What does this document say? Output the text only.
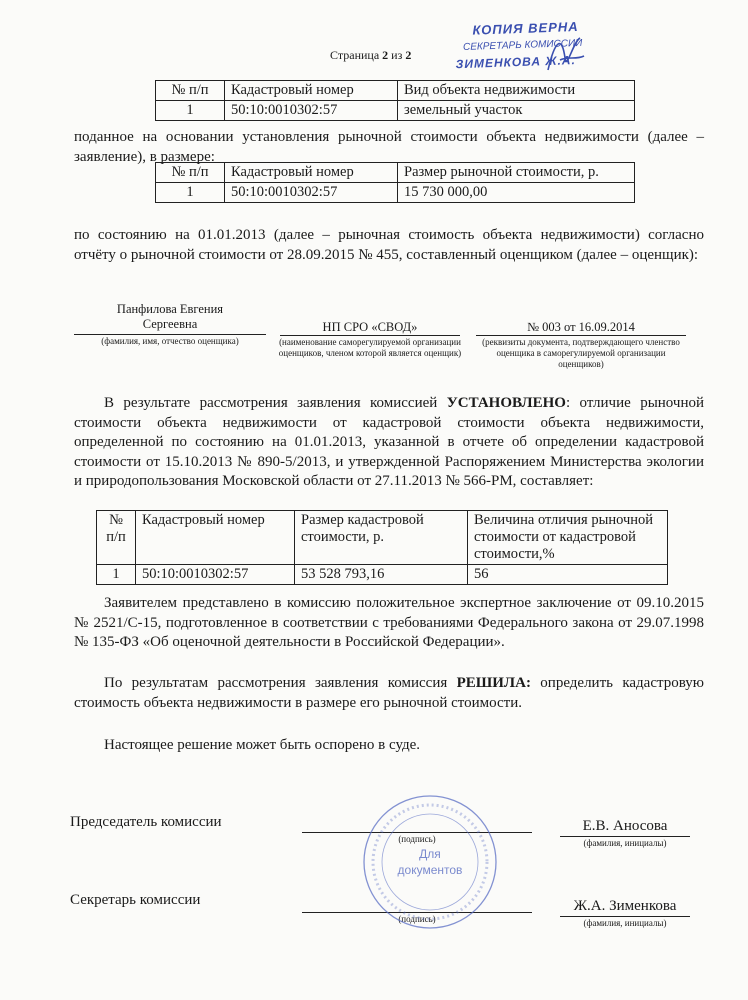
Страница 2 из 2
КОПИЯ ВЕРНА
СЕКРЕТАРЬ КОМИССИИ
ЗИМЕНКОВА Ж.А.
№ п/п	Кадастровый номер	Вид объекта недвижимости
1	50:10:0010302:57	земельный участок
поданное на основании установления рыночной стоимости объекта недвижимости (далее – заявление), в размере:
№ п/п	Кадастровый номер	Размер рыночной стоимости, р.
1	50:10:0010302:57	15 730 000,00
по состоянию на 01.01.2013 (далее – рыночная стоимость объекта недвижимости) согласно отчёту о рыночной стоимости от 28.09.2015 № 455, составленный оценщиком (далее – оценщик):
Панфилова Евгения
Сергеевна
(фамилия, имя, отчество оценщика)
НП СРО «СВОД»
(наименование саморегулируемой организации оценщиков, членом которой является оценщик)
№ 003 от 16.09.2014
(реквизиты документа, подтверждающего членство оценщика в саморегулируемой организации оценщиков)
В результате рассмотрения заявления комиссией УСТАНОВЛЕНО: отличие рыночной стоимости объекта недвижимости от кадастровой стоимости объекта недвижимости, определенной по состоянию на 01.01.2013, указанной в отчете об определении кадастровой стоимости от 15.10.2013 № 890-5/2013, и утвержденной Распоряжением Министерства экологии и природопользования Московской области от 27.11.2013 № 566-РМ, составляет:
№ п/п	Кадастровый номер	Размер кадастровой стоимости, р.	Величина отличия рыночной стоимости от кадастровой стоимости,%
1	50:10:0010302:57	53 528 793,16	56
Заявителем представлено в комиссию положительное экспертное заключение от 09.10.2015 № 2521/С-15, подготовленное в соответствии с требованиями Федерального закона от 29.07.1998 № 135-ФЗ «Об оценочной деятельности в Российской Федерации».
По результатам рассмотрения заявления комиссия РЕШИЛА: определить кадастровую стоимость объекта недвижимости в размере его рыночной стоимости.
Настоящее решение может быть оспорено в суде.
Председатель комиссии
(подпись)
Е.В. Аносова
(фамилия, инициалы)
Секретарь комиссии
(подпись)
Ж.А. Зименкова
(фамилия, инициалы)
Для
документов
